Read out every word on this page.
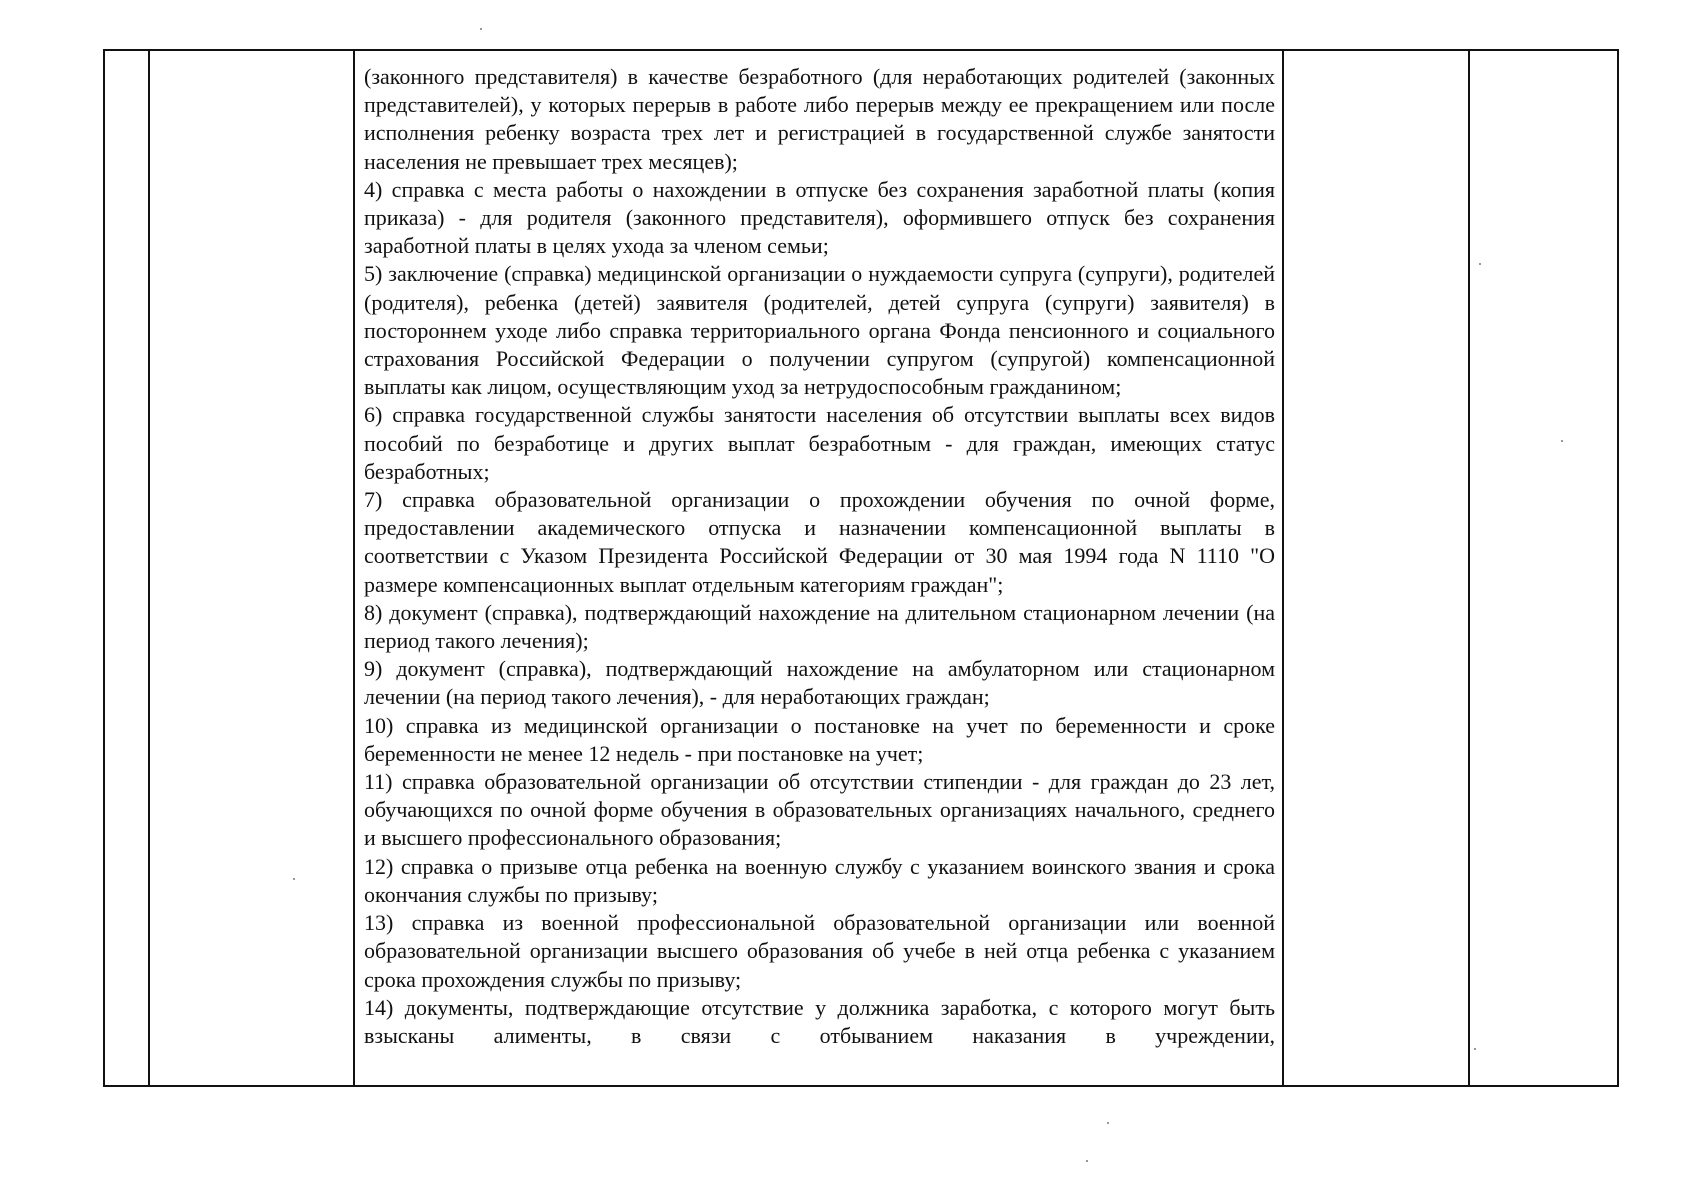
(законного представителя) в качестве безработного (для неработающих родителей (законных представителей), у которых перерыв в работе либо перерыв между ее прекращением или после исполнения ребенку возраста трех лет и регистрацией в государственной службе занятости населения не превышает трех месяцев);

4) справка с места работы о нахождении в отпуске без сохранения заработной платы (копия приказа) - для родителя (законного представителя), оформившего отпуск без сохранения заработной платы в целях ухода за членом семьи;

5) заключение (справка) медицинской организации о нуждаемости супруга (супруги), родителей (родителя), ребенка (детей) заявителя (родителей, детей супруга (супруги) заявителя) в постороннем уходе либо справка территориального органа Фонда пенсионного и социального страхования Российской Федерации о получении супругом (супругой) компенсационной выплаты как лицом, осуществляющим уход за нетрудоспособным гражданином;

6) справка государственной службы занятости населения об отсутствии выплаты всех видов пособий по безработице и других выплат безработным - для граждан, имеющих статус безработных;

7) справка образовательной организации о прохождении обучения по очной форме, предоставлении академического отпуска и назначении компенсационной выплаты в соответствии с Указом Президента Российской Федерации от 30 мая 1994 года N 1110 "О размере компенсационных выплат отдельным категориям граждан";

8) документ (справка), подтверждающий нахождение на длительном стационарном лечении (на период такого лечения);

9) документ (справка), подтверждающий нахождение на амбулаторном или стационарном лечении (на период такого лечения), - для неработающих граждан;

10) справка из медицинской организации о постановке на учет по беременности и сроке беременности не менее 12 недель - при постановке на учет;

11) справка образовательной организации об отсутствии стипендии - для граждан до 23 лет, обучающихся по очной форме обучения в образовательных организациях начального, среднего и высшего профессионального образования;

12) справка о призыве отца ребенка на военную службу с указанием воинского звания и срока окончания службы по призыву;

13) справка из военной профессиональной образовательной организации или военной образовательной организации высшего образования об учебе в ней отца ребенка с указанием срока прохождения службы по призыву;

14) документы, подтверждающие отсутствие у должника заработка, с которого могут быть взысканы алименты, в связи с отбыванием наказания в учреждении,
